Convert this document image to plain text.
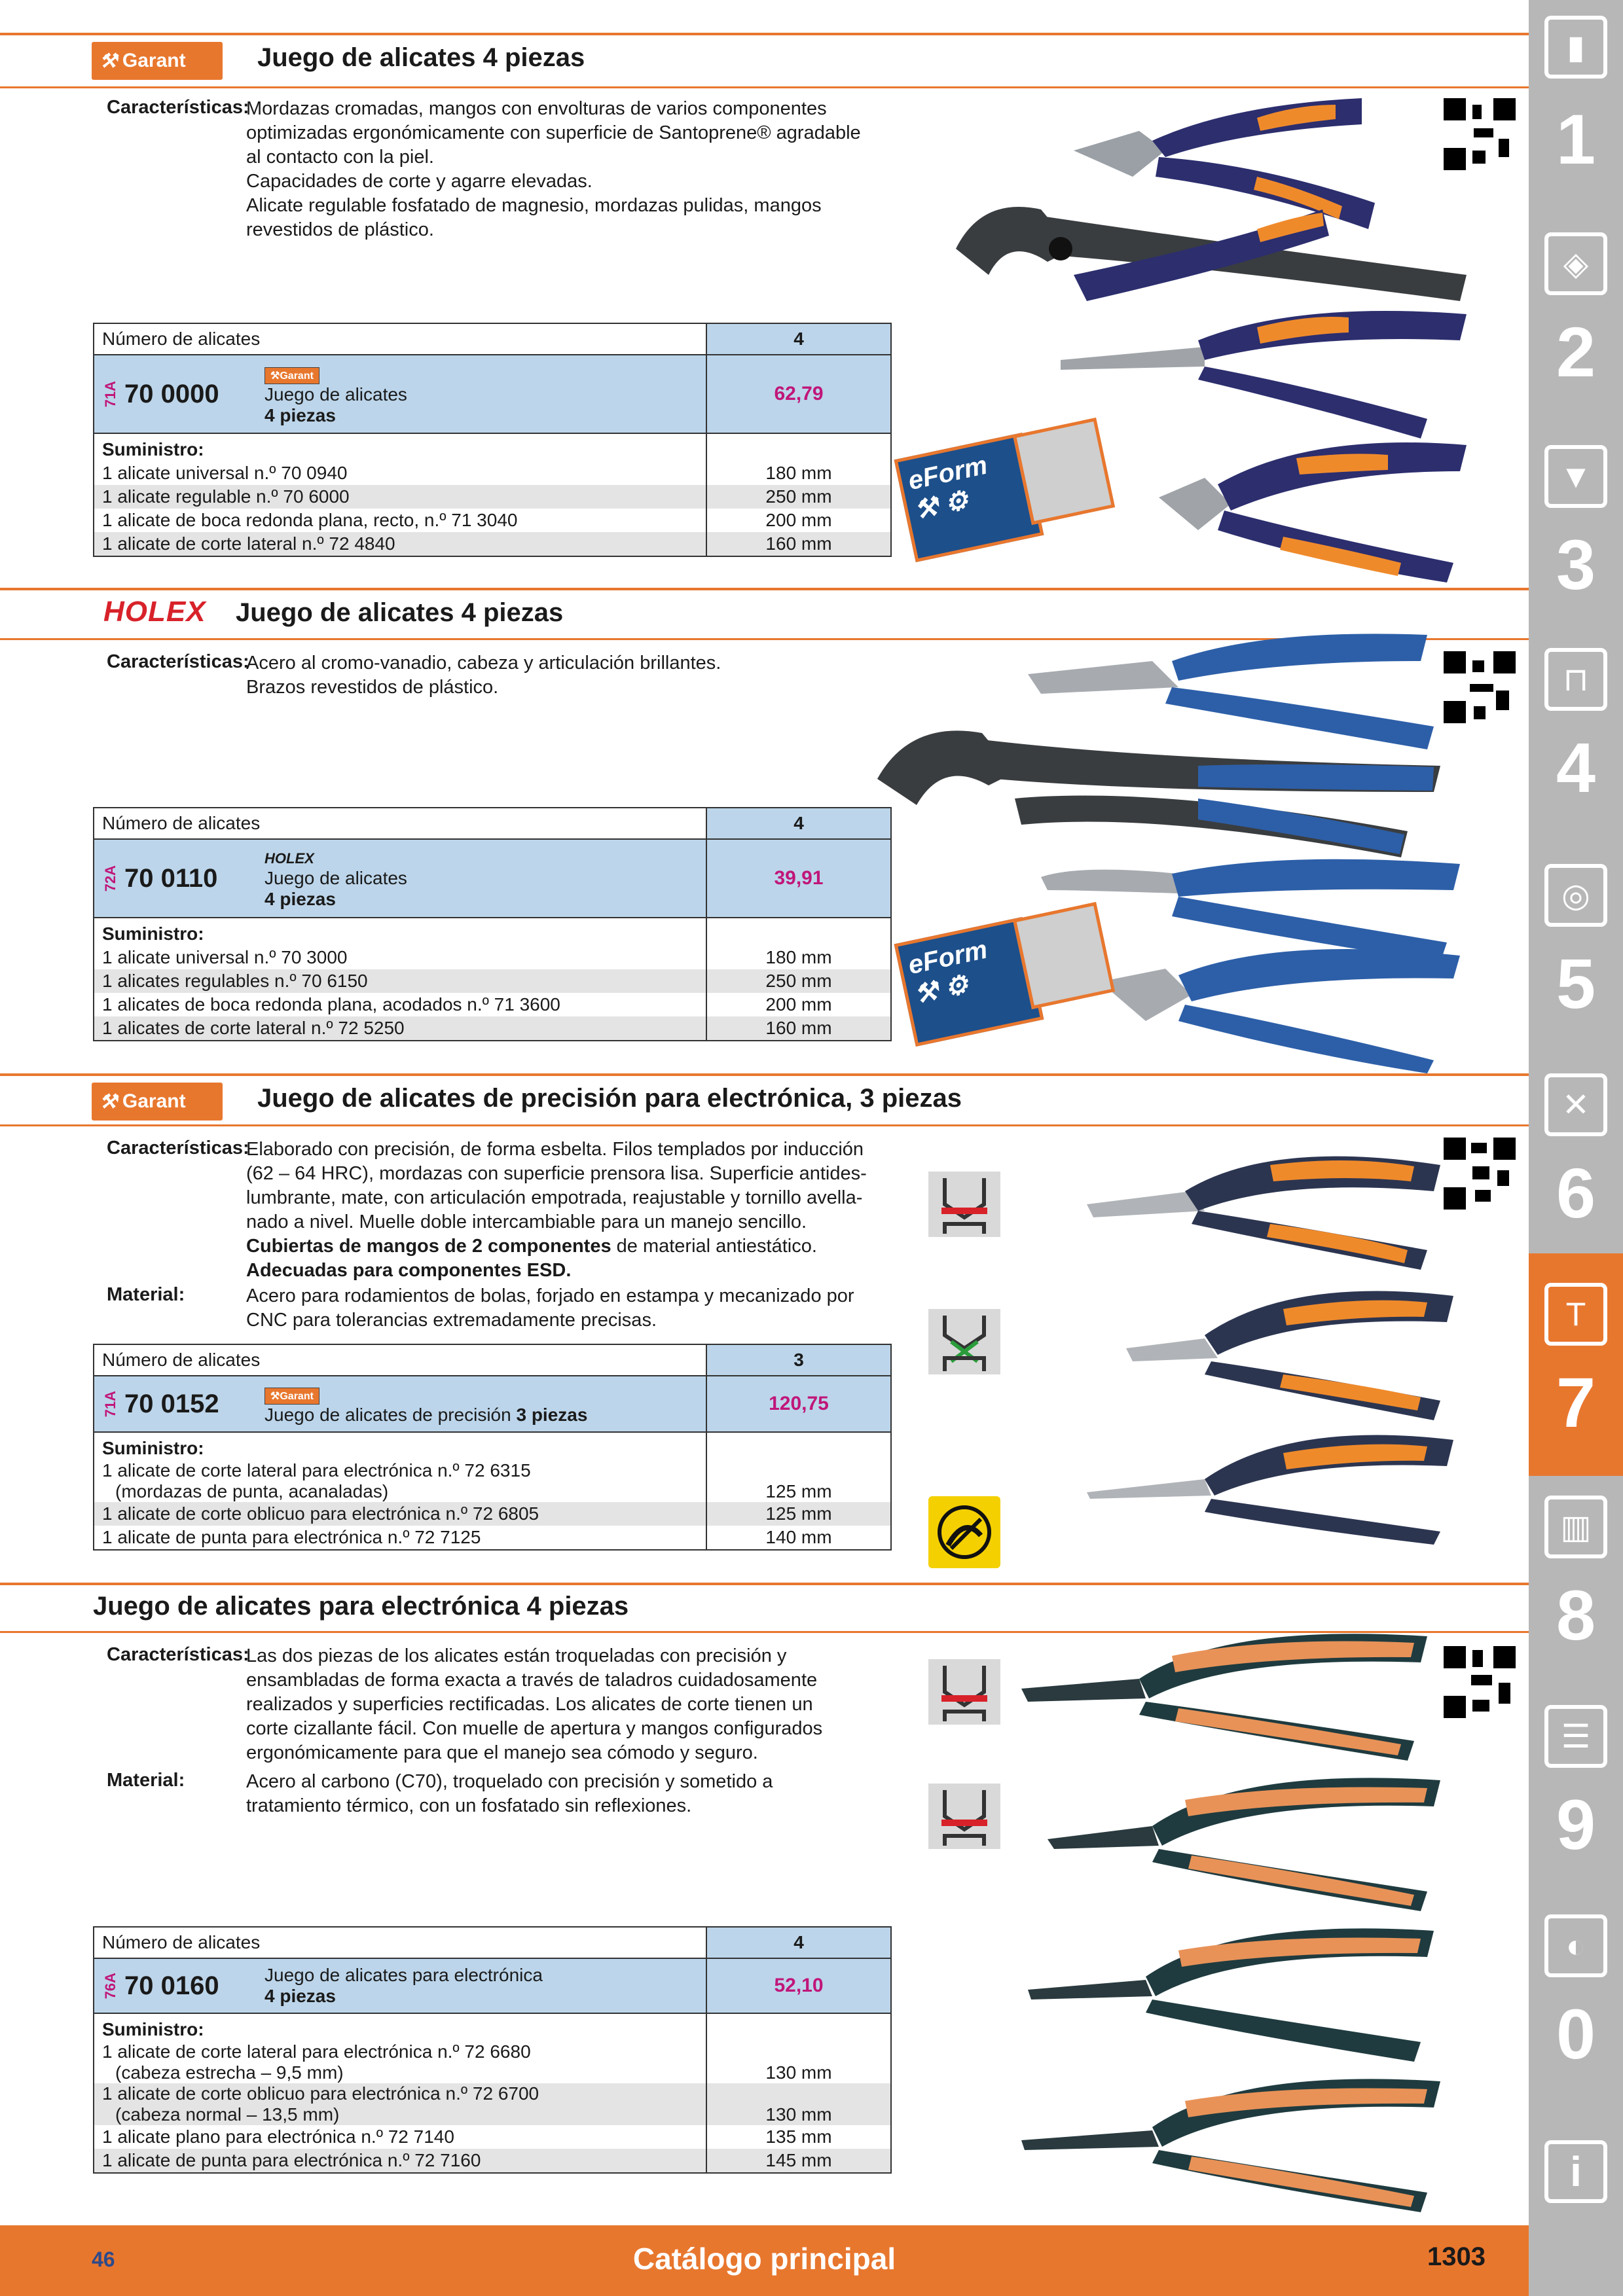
▮
1
◈
2
▼
3
⊓
4
◎
5
✕
6
T
7
▥
8
☰
9
◐
0
i
⚒ Garant	Juego de alicates 4 piezas
Características:
Mordazas cromadas, mangos con envolturas de varios componentes
optimizadas ergonómicamente con superficie de Santoprene® agradable
al contacto con la piel.
Capacidades de corte y agarre elevadas.
Alicate regulable fosfatado de magnesio, mordazas pulidas, mangos
revestidos de plástico.
Número de alicates	4

71A 70 0000
⚒Garant
Juego de alicates
4 piezas	62,79
Suministro:	
1 alicate universal n.º 70 0940	180 mm
1 alicate regulable n.º 70 6000	250 mm
1 alicate de boca redonda plana, recto, n.º 71 3040	200 mm
1 alicate de corte lateral n.º 72 4840	160 mm
eForm
⚒ ⚙
HOLEX Juego de alicates 4 piezas
Características:
Acero al cromo-vanadio, cabeza y articulación brillantes.
Brazos revestidos de plástico.
Número de alicates	4

72A 70 0110
HOLEX
Juego de alicates
4 piezas	39,91
Suministro:	
1 alicate universal n.º 70 3000	180 mm
1 alicates regulables n.º 70 6150	250 mm
1 alicates de boca redonda plana, acodados n.º 71 3600	200 mm
1 alicates de corte lateral n.º 72 5250	160 mm
eForm
⚒ ⚙
⚒ Garant	Juego de alicates de precisión para electrónica, 3 piezas
Características:
Elaborado con precisión, de forma esbelta. Filos templados por inducción
(62 – 64 HRC), mordazas con superficie prensora lisa. Superficie antides-
lumbrante, mate, con articulación empotrada, reajustable y tornillo avella-
nado a nivel. Muelle doble intercambiable para un manejo sencillo.
Cubiertas de mangos de 2 componentes de material antiestático.
Adecuadas para componentes ESD.
Material:	Acero para rodamientos de bolas, forjado en estampa y mecanizado por
CNC para tolerancias extremadamente precisas.
Número de alicates	3

71A 70 0152 ⚒Garant
Juego de alicates de precisión 3 piezas	120,75
Suministro:	

1 alicate de corte lateral para electrónica n.º 72 6315
(mordazas de punta, acanaladas)	125 mm
1 alicate de corte oblicuo para electrónica n.º 72 6805	125 mm
1 alicate de punta para electrónica n.º 72 7125	140 mm
Juego de alicates para electrónica 4 piezas
Características:
Las dos piezas de los alicates están troqueladas con precisión y
ensambladas de forma exacta a través de taladros cuidadosamente
realizados y superficies rectificadas. Los alicates de corte tienen un
corte cizallante fácil. Con muelle de apertura y mangos configurados
ergonómicamente para que el manejo sea cómodo y seguro.
Material:	Acero al carbono (C70), troquelado con precisión y sometido a
tratamiento térmico, con un fosfatado sin reflexiones.
Número de alicates	4

76A 70 0160 Juego de alicates para electrónica
4 piezas	52,10
Suministro:	

1 alicate de corte lateral para electrónica n.º 72 6680
(cabeza estrecha – 9,5 mm)	130 mm

1 alicate de corte oblicuo para electrónica n.º 72 6700
(cabeza normal – 13,5 mm)	130 mm
1 alicate plano para electrónica n.º 72 7140	135 mm
1 alicate de punta para electrónica n.º 72 7160	145 mm
46	Catálogo principal	1303
